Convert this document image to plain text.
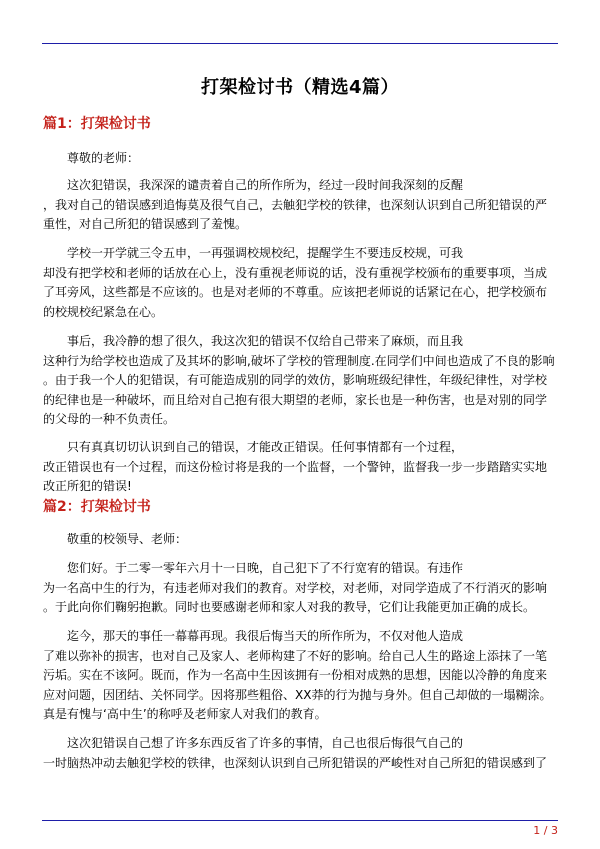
打架检讨书（精选4篇）
篇1：打架检讨书
尊敬的老师：
这次犯错误，我深深的谴责着自己的所作所为，经过一段时间我深刻的反醒
，我对自己的错误感到追悔莫及很气自己，去触犯学校的铁律，也深刻认识到自己所犯错误的严
重性，对自己所犯的错误感到了羞愧。
学校一开学就三令五申，一再强调校规校纪，提醒学生不要违反校规，可我
却没有把学校和老师的话放在心上，没有重视老师说的话，没有重视学校颁布的重要事项，当成
了耳旁风，这些都是不应该的。也是对老师的不尊重。应该把老师说的话紧记在心，把学校颁布
的校规校纪紧急在心。
事后，我冷静的想了很久，我这次犯的错误不仅给自己带来了麻烦，而且我
这种行为给学校也造成了及其坏的影响,破坏了学校的管理制度.在同学们中间也造成了不良的影响
。由于我一个人的犯错误，有可能造成别的同学的效仿，影响班级纪律性，年级纪律性，对学校
的纪律也是一种破坏，而且给对自己抱有很大期望的老师，家长也是一种伤害，也是对别的同学
的父母的一种不负责任。
只有真真切切认识到自己的错误，才能改正错误。任何事情都有一个过程，
改正错误也有一个过程，而这份检讨将是我的一个监督，一个警钟，监督我一步一步踏踏实实地
改正所犯的错误!
篇2：打架检讨书
敬重的校领导、老师：
您们好。于二零一零年六月十一日晚，自己犯下了不行宽宥的错误。有违作
为一名高中生的行为，有违老师对我们的教育。对学校，对老师，对同学造成了不行消灭的影响
。于此向你们鞠躬抱歉。同时也要感谢老师和家人对我的教导，它们让我能更加正确的成长。
迄今，那天的事任一幕幕再现。我很后悔当天的所作所为，不仅对他人造成
了难以弥补的损害，也对自己及家人、老师构建了不好的影响。给自己人生的路途上添抹了一笔
污垢。实在不该阿。既而，作为一名高中生因该拥有一份相对成熟的思想，因能以冷静的角度来
应对问题，因团结、关怀同学。因将那些粗俗、XX莽的行为抛与身外。但自己却做的一塌糊涂。
真是有愧与‘高中生’的称呼及老师家人对我们的教育。
这次犯错误自己想了许多东西反省了许多的事情，自己也很后悔很气自己的
一时脑热冲动去触犯学校的铁律，也深刻认识到自己所犯错误的严峻性对自己所犯的错误感到了
1 / 3
